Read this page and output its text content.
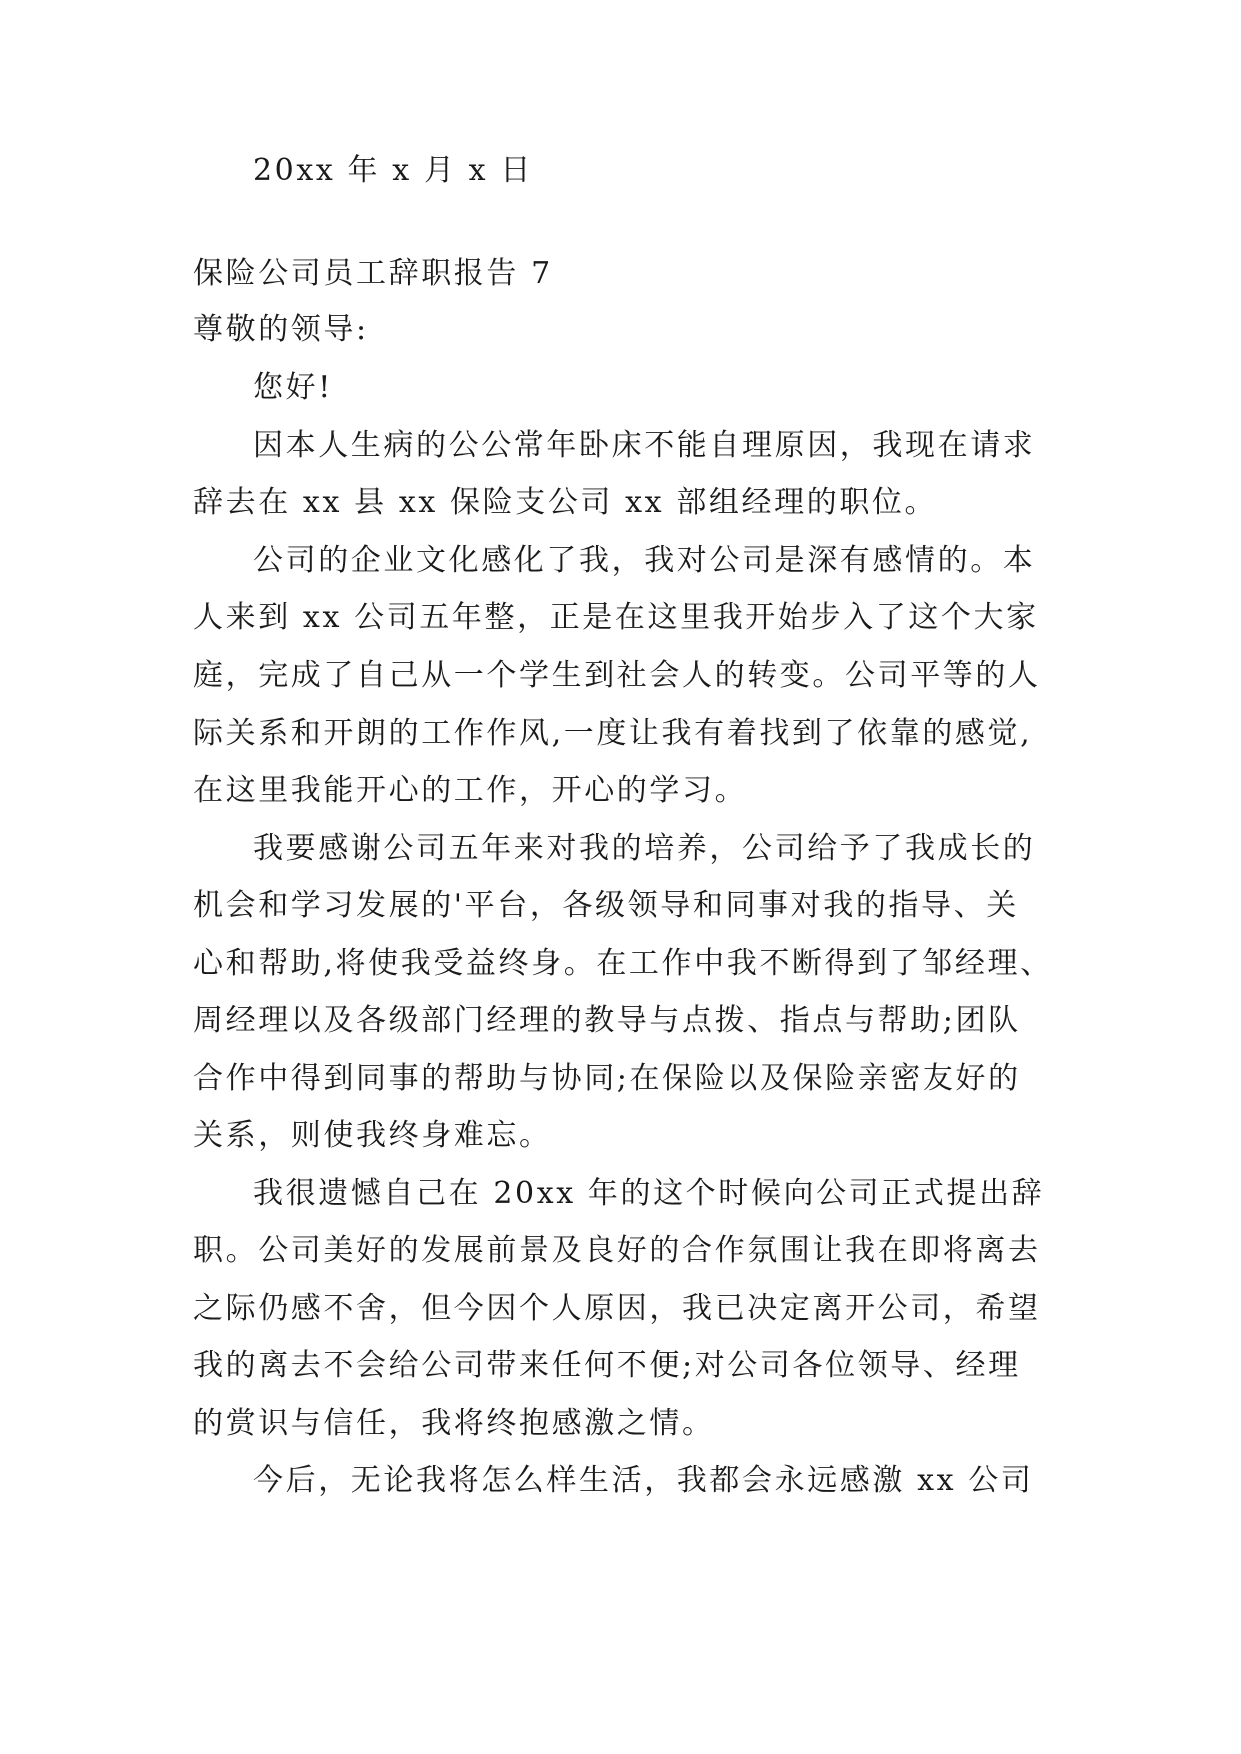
20xx 年 x 月 x 日
保险公司员工辞职报告 7
尊敬的领导:
您好!
因本人生病的公公常年卧床不能自理原因，我现在请求
辞去在 xx 县 xx 保险支公司 xx 部组经理的职位。
公司的企业文化感化了我，我对公司是深有感情的。本
人来到 xx 公司五年整，正是在这里我开始步入了这个大家
庭，完成了自己从一个学生到社会人的转变。公司平等的人
际关系和开朗的工作作风,一度让我有着找到了依靠的感觉,
在这里我能开心的工作，开心的学习。
我要感谢公司五年来对我的培养，公司给予了我成长的
机会和学习发展的'平台，各级领导和同事对我的指导、关
心和帮助,将使我受益终身。在工作中我不断得到了邹经理、
周经理以及各级部门经理的教导与点拨、指点与帮助;团队
合作中得到同事的帮助与协同;在保险以及保险亲密友好的
关系，则使我终身难忘。
我很遗憾自己在 20xx 年的这个时候向公司正式提出辞
职。公司美好的发展前景及良好的合作氛围让我在即将离去
之际仍感不舍，但今因个人原因，我已决定离开公司，希望
我的离去不会给公司带来任何不便;对公司各位领导、经理
的赏识与信任，我将终抱感激之情。
今后，无论我将怎么样生活，我都会永远感激 xx 公司
